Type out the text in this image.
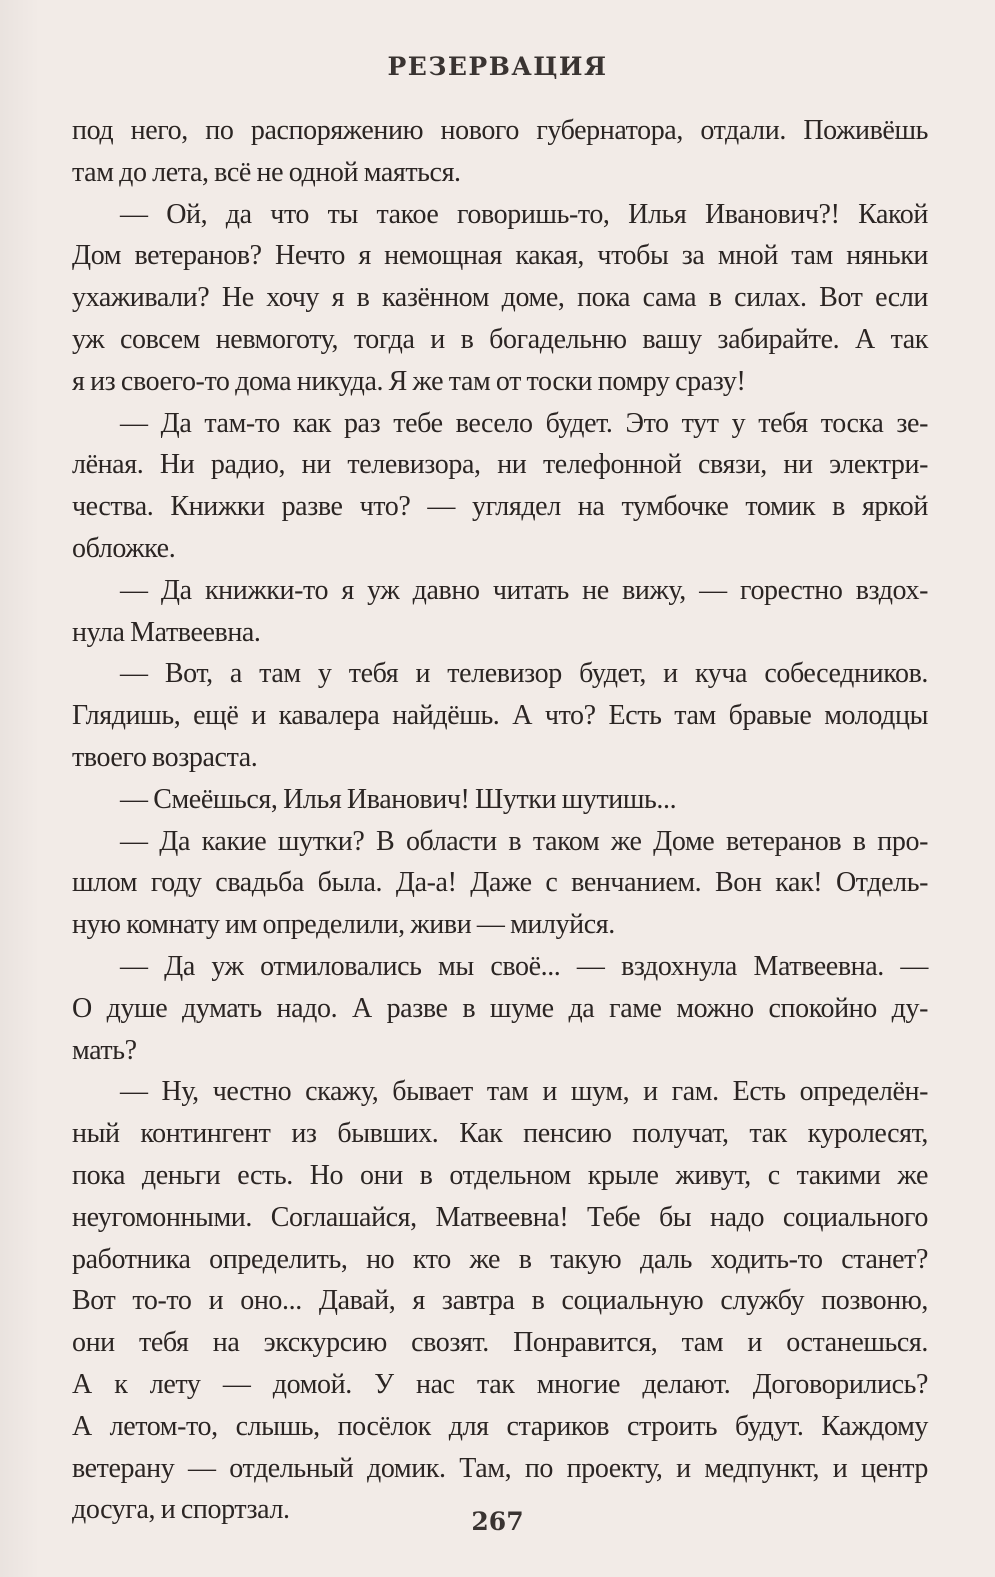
РЕЗЕРВАЦИЯ
под него, по распоряжению нового губернатора, отдали. Поживёшь
там до лета, всё не одной маяться.
— Ой, да что ты такое говоришь-то, Илья Иванович?! Какой
Дом ветеранов? Нечто я немощная какая, чтобы за мной там няньки
ухаживали? Не хочу я в казённом доме, пока сама в силах. Вот если
уж совсем невмоготу, тогда и в богадельню вашу забирайте. А так
я из своего-то дома никуда. Я же там от тоски помру сразу!
— Да там-то как раз тебе весело будет. Это тут у тебя тоска зе-
лёная. Ни радио, ни телевизора, ни телефонной связи, ни электри-
чества. Книжки разве что? — углядел на тумбочке томик в яркой
обложке.
— Да книжки-то я уж давно читать не вижу, — горестно вздох-
нула Матвеевна.
— Вот, а там у тебя и телевизор будет, и куча собеседников.
Глядишь, ещё и кавалера найдёшь. А что? Есть там бравые молодцы
твоего возраста.
— Смеёшься, Илья Иванович! Шутки шутишь...
— Да какие шутки? В области в таком же Доме ветеранов в про-
шлом году свадьба была. Да-а! Даже с венчанием. Вон как! Отдель-
ную комнату им определили, живи — милуйся.
— Да уж отмиловались мы своё... — вздохнула Матвеевна. —
О душе думать надо. А разве в шуме да гаме можно спокойно ду-
мать?
— Ну, честно скажу, бывает там и шум, и гам. Есть определён-
ный контингент из бывших. Как пенсию получат, так куролесят,
пока деньги есть. Но они в отдельном крыле живут, с такими же
неугомонными. Соглашайся, Матвеевна! Тебе бы надо социального
работника определить, но кто же в такую даль ходить-то станет?
Вот то-то и оно... Давай, я завтра в социальную службу позвоню,
они тебя на экскурсию свозят. Понравится, там и останешься.
А к лету — домой. У нас так многие делают. Договорились?
А летом-то, слышь, посёлок для стариков строить будут. Каждому
ветерану — отдельный домик. Там, по проекту, и медпункт, и центр
досуга, и спортзал.	267
